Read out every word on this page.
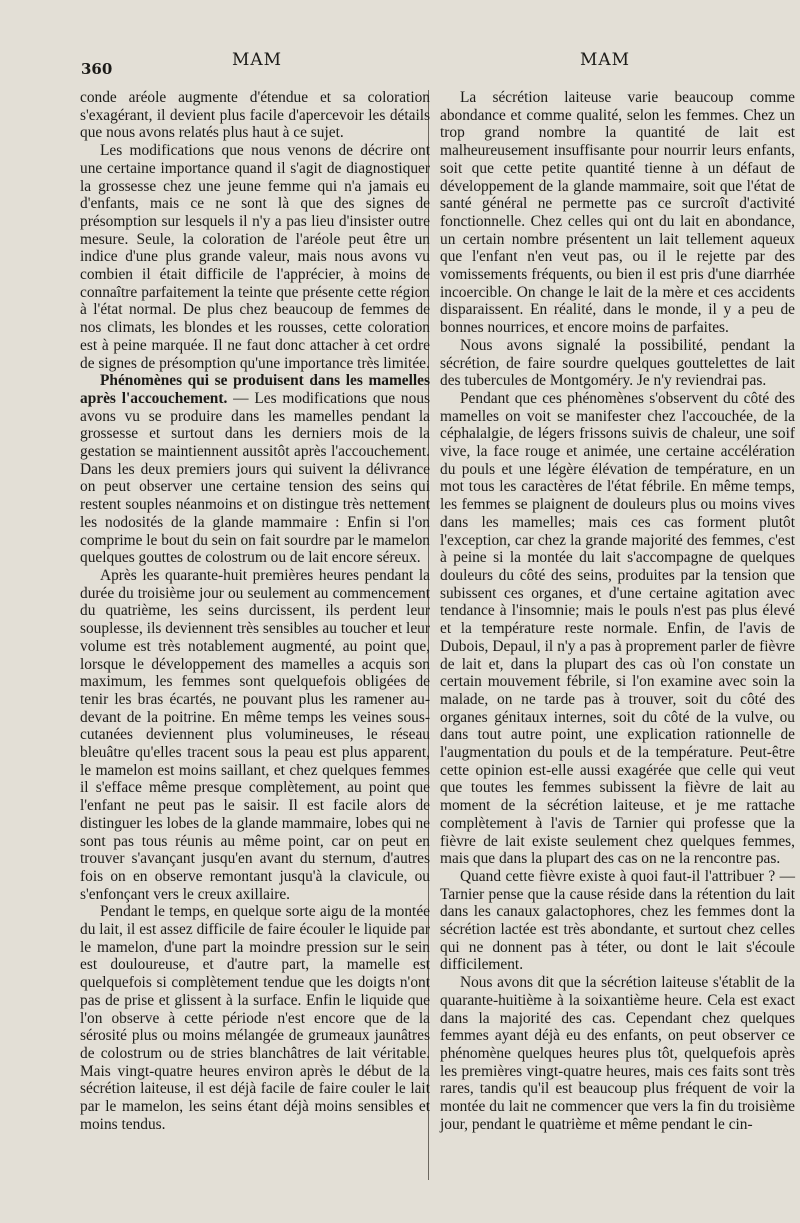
360	MAM	MAM

conde aréole augmente d'étendue et sa coloration s'exagérant, il devient plus facile d'apercevoir les détails que nous avons relatés plus haut à ce sujet.

Les modifications que nous venons de décrire ont une certaine importance quand il s'agit de diagnostiquer la grossesse chez une jeune femme qui n'a jamais eu d'enfants, mais ce ne sont là que des signes de présomption sur lesquels il n'y a pas lieu d'insister outre mesure. Seule, la coloration de l'aréole peut être un indice d'une plus grande valeur, mais nous avons vu combien il était difficile de l'apprécier, à moins de connaître parfaitement la teinte que présente cette région à l'état normal. De plus chez beaucoup de femmes de nos climats, les blondes et les rousses, cette coloration est à peine marquée. Il ne faut donc attacher à cet ordre de signes de présomption qu'une importance très limitée.

Phénomènes qui se produisent dans les mamelles après l'accouchement. — Les modifications que nous avons vu se produire dans les mamelles pendant la grossesse et surtout dans les derniers mois de la gestation se maintiennent aussitôt après l'accouchement. Dans les deux premiers jours qui suivent la délivrance on peut observer une certaine tension des seins qui restent souples néanmoins et on distingue très nettement les nodosités de la glande mammaire : Enfin si l'on comprime le bout du sein on fait sourdre par le mamelon quelques gouttes de colostrum ou de lait encore séreux.

Après les quarante-huit premières heures pendant la durée du troisième jour ou seulement au commencement du quatrième, les seins durcissent, ils perdent leur souplesse, ils deviennent très sensibles au toucher et leur volume est très notablement augmenté, au point que, lorsque le développement des mamelles a acquis son maximum, les femmes sont quelquefois obligées de tenir les bras écartés, ne pouvant plus les ramener au-devant de la poitrine. En même temps les veines sous-cutanées deviennent plus volumineuses, le réseau bleuâtre qu'elles tracent sous la peau est plus apparent, le mamelon est moins saillant, et chez quelques femmes il s'efface même presque complètement, au point que l'enfant ne peut pas le saisir. Il est facile alors de distinguer les lobes de la glande mammaire, lobes qui ne sont pas tous réunis au même point, car on peut en trouver s'avançant jusqu'en avant du sternum, d'autres fois on en observe remontant jusqu'à la clavicule, ou s'enfonçant vers le creux axillaire.

Pendant le temps, en quelque sorte aigu de la montée du lait, il est assez difficile de faire écouler le liquide par le mamelon, d'une part la moindre pression sur le sein est douloureuse, et d'autre part, la mamelle est quelquefois si complètement tendue que les doigts n'ont pas de prise et glissent à la surface. Enfin le liquide que l'on observe à cette période n'est encore que de la sérosité plus ou moins mélangée de grumeaux jaunâtres de colostrum ou de stries blanchâtres de lait véritable. Mais vingt-quatre heures environ après le début de la sécrétion laiteuse, il est déjà facile de faire couler le lait par le mamelon, les seins étant déjà moins sensibles et moins tendus.

La sécrétion laiteuse varie beaucoup comme abondance et comme qualité, selon les femmes. Chez un trop grand nombre la quantité de lait est malheureusement insuffisante pour nourrir leurs enfants, soit que cette petite quantité tienne à un défaut de développement de la glande mammaire, soit que l'état de santé général ne permette pas ce surcroît d'activité fonctionnelle. Chez celles qui ont du lait en abondance, un certain nombre présentent un lait tellement aqueux que l'enfant n'en veut pas, ou il le rejette par des vomissements fréquents, ou bien il est pris d'une diarrhée incoercible. On change le lait de la mère et ces accidents disparaissent. En réalité, dans le monde, il y a peu de bonnes nourrices, et encore moins de parfaites.

Nous avons signalé la possibilité, pendant la sécrétion, de faire sourdre quelques gouttelettes de lait des tubercules de Montgoméry. Je n'y reviendrai pas.

Pendant que ces phénomènes s'observent du côté des mamelles on voit se manifester chez l'accouchée, de la céphalalgie, de légers frissons suivis de chaleur, une soif vive, la face rouge et animée, une certaine accélération du pouls et une légère élévation de température, en un mot tous les caractères de l'état fébrile. En même temps, les femmes se plaignent de douleurs plus ou moins vives dans les mamelles; mais ces cas forment plutôt l'exception, car chez la grande majorité des femmes, c'est à peine si la montée du lait s'accompagne de quelques douleurs du côté des seins, produites par la tension que subissent ces organes, et d'une certaine agitation avec tendance à l'insomnie; mais le pouls n'est pas plus élevé et la température reste normale. Enfin, de l'avis de Dubois, Depaul, il n'y a pas à proprement parler de fièvre de lait et, dans la plupart des cas où l'on constate un certain mouvement fébrile, si l'on examine avec soin la malade, on ne tarde pas à trouver, soit du côté des organes génitaux internes, soit du côté de la vulve, ou dans tout autre point, une explication rationnelle de l'augmentation du pouls et de la température. Peut-être cette opinion est-elle aussi exagérée que celle qui veut que toutes les femmes subissent la fièvre de lait au moment de la sécrétion laiteuse, et je me rattache complètement à l'avis de Tarnier qui professe que la fièvre de lait existe seulement chez quelques femmes, mais que dans la plupart des cas on ne la rencontre pas.

Quand cette fièvre existe à quoi faut-il l'attribuer ? — Tarnier pense que la cause réside dans la rétention du lait dans les canaux galactophores, chez les femmes dont la sécrétion lactée est très abondante, et surtout chez celles qui ne donnent pas à téter, ou dont le lait s'écoule difficilement.

Nous avons dit que la sécrétion laiteuse s'établit de la quarante-huitième à la soixantième heure. Cela est exact dans la majorité des cas. Cependant chez quelques femmes ayant déjà eu des enfants, on peut observer ce phénomène quelques heures plus tôt, quelquefois après les premières vingt-quatre heures, mais ces faits sont très rares, tandis qu'il est beaucoup plus fréquent de voir la montée du lait ne commencer que vers la fin du troisième jour, pendant le quatrième et même pendant le cin-
